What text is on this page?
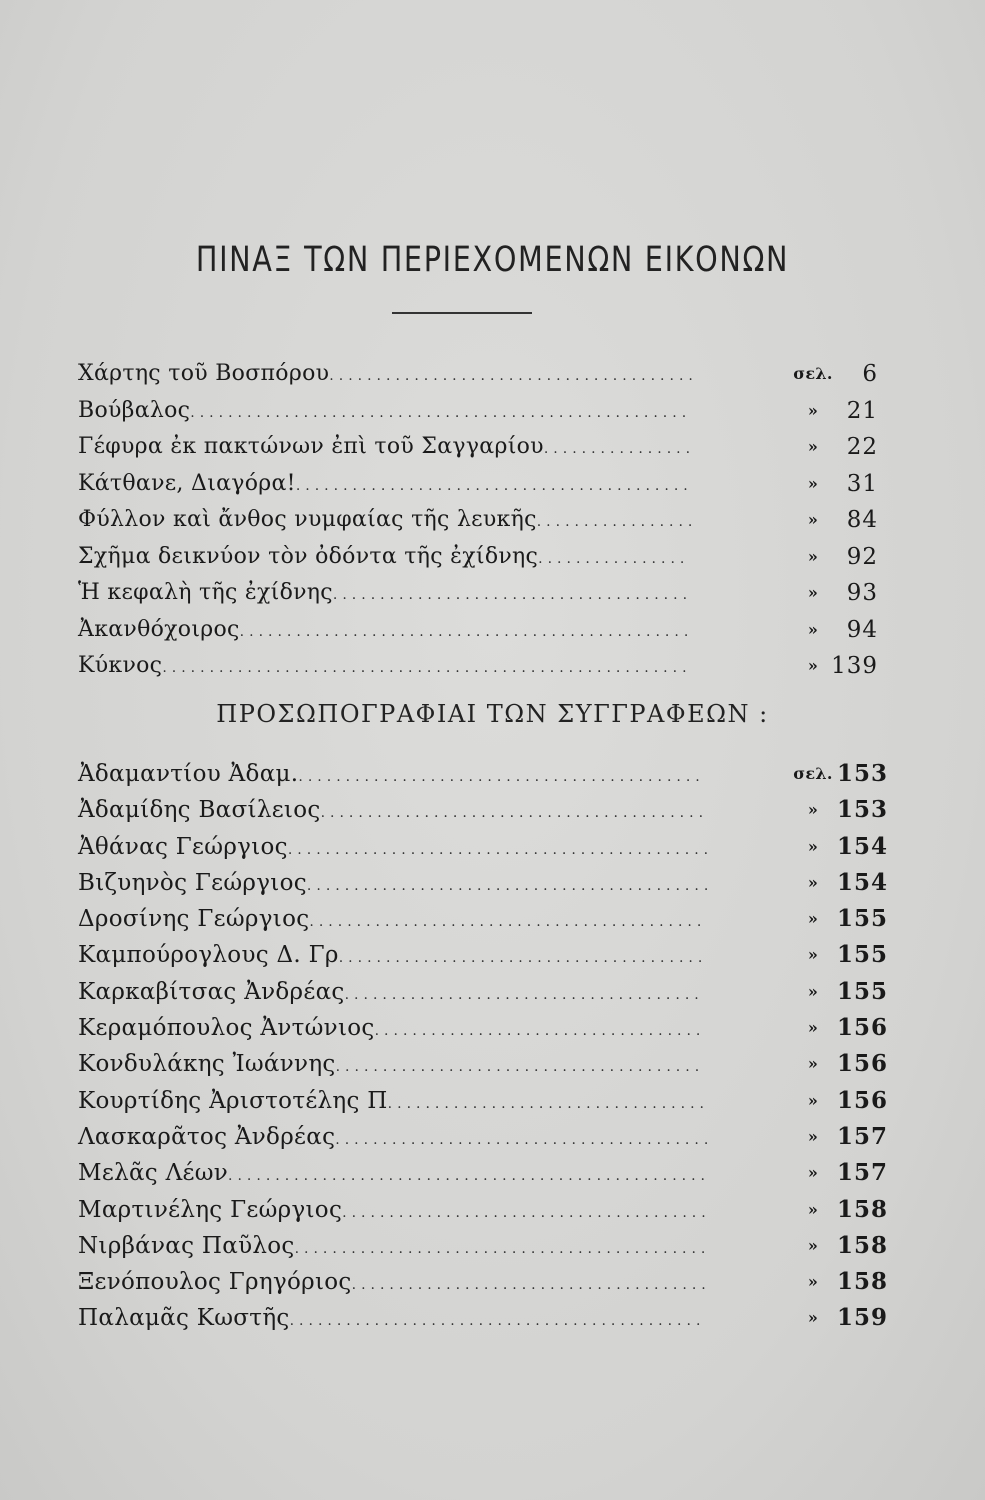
ΠΙΝΑΞ ΤΩΝ ΠΕΡΙΕΧΟΜΕΝΩΝ ΕΙΚΟΝΩΝ
Χάρτης τοῦ Βοσπόρου.......................................	σελ.	6
Βούβαλος.....................................................	»	21
Γέφυρα ἐκ πακτώνων ἐπὶ τοῦ Σαγγαρίου................	»	22
Κάτθανε, Διαγόρα!..........................................	»	31
Φύλλον καὶ ἄνθος νυμφαίας τῆς λευκῆς.................	»	84
Σχῆμα δεικνύον τὸν ὀδόντα τῆς ἐχίδνης................	»	92
Ἡ κεφαλὴ τῆς ἐχίδνης......................................	»	93
Ἀκανθόχοιρος................................................	»	94
Κύκνος........................................................	» 139
ΠΡΟΣΩΠΟΓΡΑΦΙΑΙ ΤΩΝ ΣΥΓΓΡΑΦΕΩΝ :
Ἀδαμαντίου Ἀδαμ............................................	σελ. 153
Ἀδαμίδης Βασίλειος.........................................	» 153
Ἀθάνας Γεώργιος.............................................	» 154
Βιζυηνὸς Γεώργιος...........................................	» 154
Δροσίνης Γεώργιος..........................................	» 155
Καμπούρογλους Δ. Γρ.......................................	» 155
Καρκαβίτσας Ἀνδρέας......................................	» 155
Κεραμόπουλος Ἀντώνιος...................................	» 156
Κονδυλάκης Ἰωάννης.......................................	» 156
Κουρτίδης Ἀριστοτέλης Π..................................	» 156
Λασκαρᾶτος Ἀνδρέας........................................	» 157
Μελᾶς Λέων...................................................	» 157
Μαρτινέλης Γεώργιος.......................................	» 158
Νιρβάνας Παῦλος............................................	» 158
Ξενόπουλος Γρηγόριος......................................	» 158
Παλαμᾶς Κωστῆς............................................	» 159
